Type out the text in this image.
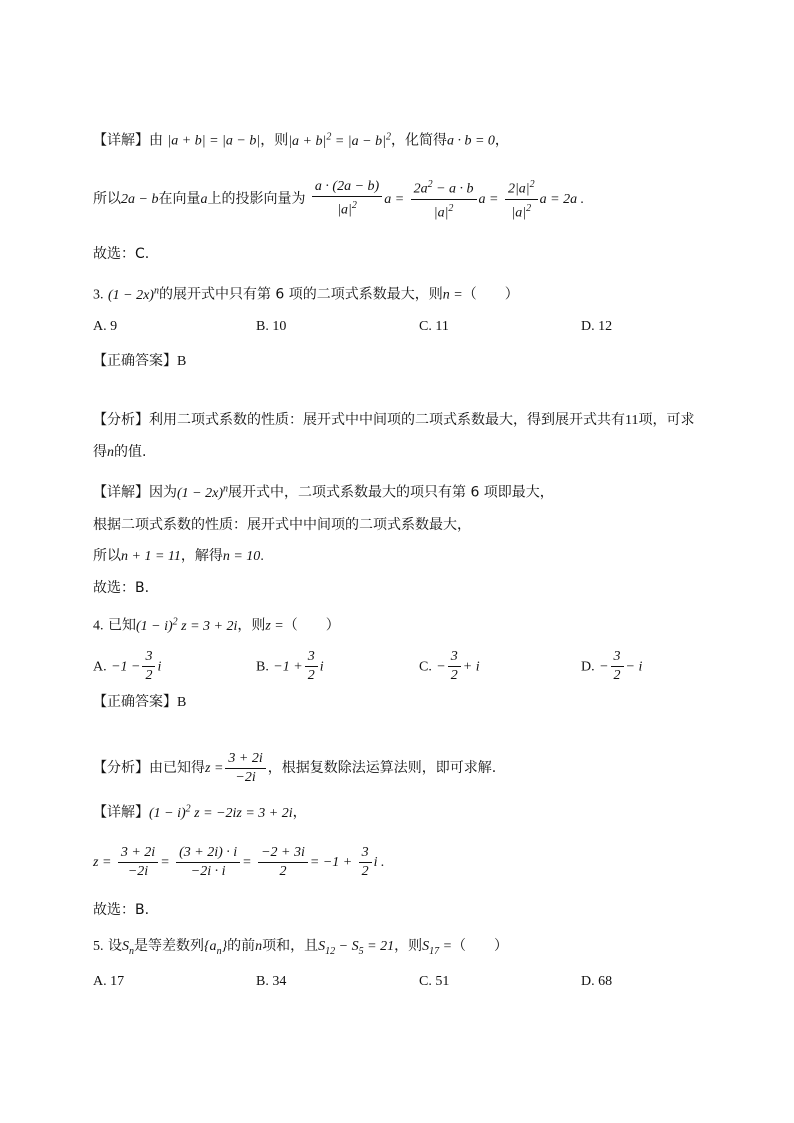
【详解】由 |a + b| = |a − b|，则$|a + b|^2 = |a - b|^2$，化简得a · b = 0，
所以2a − b在向量a上的投影向量为 $\frac{a \cdot (2a - b)}{|a|^2}$ $a = \frac{2a^2 - a \cdot b}{|a|^2}$ $a = \frac{2|a|^2}{|a|^2}$ a = 2a .
故选：C.
3. $(1 - 2x)^n$的展开式中只有第 6 项的二项式系数最大，则n =（　　）
A. 9	B. 10	C. 11	D. 12
【正确答案】B
【分析】利用二项式系数的性质：展开式中中间项的二项式系数最大，得到展开式共有11项，可求
得n的值.
【详解】因为$(1 - 2x)^n$展开式中，二项式系数最大的项只有第 6 项即最大，
根据二项式系数的性质：展开式中中间项的二项式系数最大，
所以n + 1 = 11，解得n = 10.
故选：B.
4. 已知$(1 - i)^2$ z = 3 + 2i，则z =（　　）
A. $-1 - \frac{3}{2}$ i	B. $-1 + \frac{3}{2}$ i	C. − $\frac{3}{2} + i$	D. − $\frac{3}{2} - i$
【正确答案】B
【分析】由已知得$z = \frac{3 + 2i}{-2i}$ ，根据复数除法运算法则，即可求解.
【详解】$(1 - i)^2$ z = −2iz = 3 + 2i，
$z = \frac{3 + 2i}{-2i} = \frac{(3 + 2i) \cdot i}{-2i \cdot i} = \frac{-2 + 3i}{2} = -1 + \frac{3}{2}$ i .
故选：B.
5. 设$S_n$是等差数列$\{a_n\}$的前n项和，且$S_{12} - S_5 = 21$，则$S_{17}$ =（　　）
A. 17	B. 34	C. 51	D. 68
